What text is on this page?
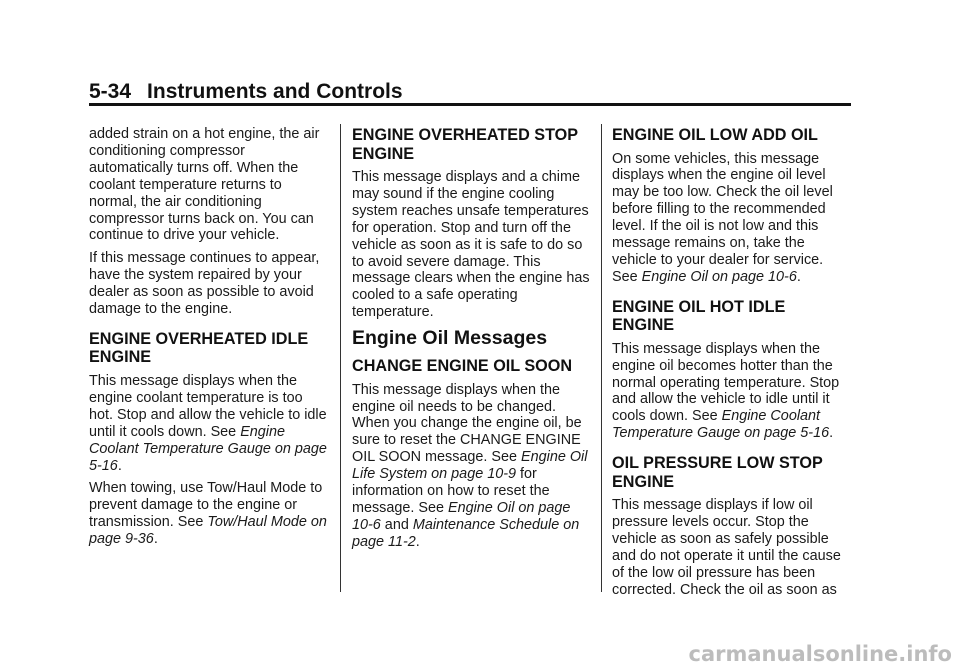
5-34 Instruments and Controls

added strain on a hot engine, the air conditioning compressor automatically turns off. When the coolant temperature returns to normal, the air conditioning compressor turns back on. You can continue to drive your vehicle.

If this message continues to appear, have the system repaired by your dealer as soon as possible to avoid damage to the engine.

ENGINE OVERHEATED IDLE ENGINE

This message displays when the engine coolant temperature is too hot. Stop and allow the vehicle to idle until it cools down. See Engine Coolant Temperature Gauge on page 5-16.

When towing, use Tow/Haul Mode to prevent damage to the engine or transmission. See Tow/Haul Mode on page 9-36.

ENGINE OVERHEATED STOP ENGINE

This message displays and a chime may sound if the engine cooling system reaches unsafe temperatures for operation. Stop and turn off the vehicle as soon as it is safe to do so to avoid severe damage. This message clears when the engine has cooled to a safe operating temperature.

Engine Oil Messages
CHANGE ENGINE OIL SOON

This message displays when the engine oil needs to be changed. When you change the engine oil, be sure to reset the CHANGE ENGINE OIL SOON message. See Engine Oil Life System on page 10-9 for information on how to reset the message. See Engine Oil on page 10-6 and Maintenance Schedule on page 11-2.

ENGINE OIL LOW ADD OIL

On some vehicles, this message displays when the engine oil level may be too low. Check the oil level before filling to the recommended level. If the oil is not low and this message remains on, take the vehicle to your dealer for service. See Engine Oil on page 10-6.

ENGINE OIL HOT IDLE ENGINE

This message displays when the engine oil becomes hotter than the normal operating temperature. Stop and allow the vehicle to idle until it cools down. See Engine Coolant Temperature Gauge on page 5-16.

OIL PRESSURE LOW STOP ENGINE

This message displays if low oil pressure levels occur. Stop the vehicle as soon as safely possible and do not operate it until the cause of the low oil pressure has been corrected. Check the oil as soon as

carmanualsonline.info
